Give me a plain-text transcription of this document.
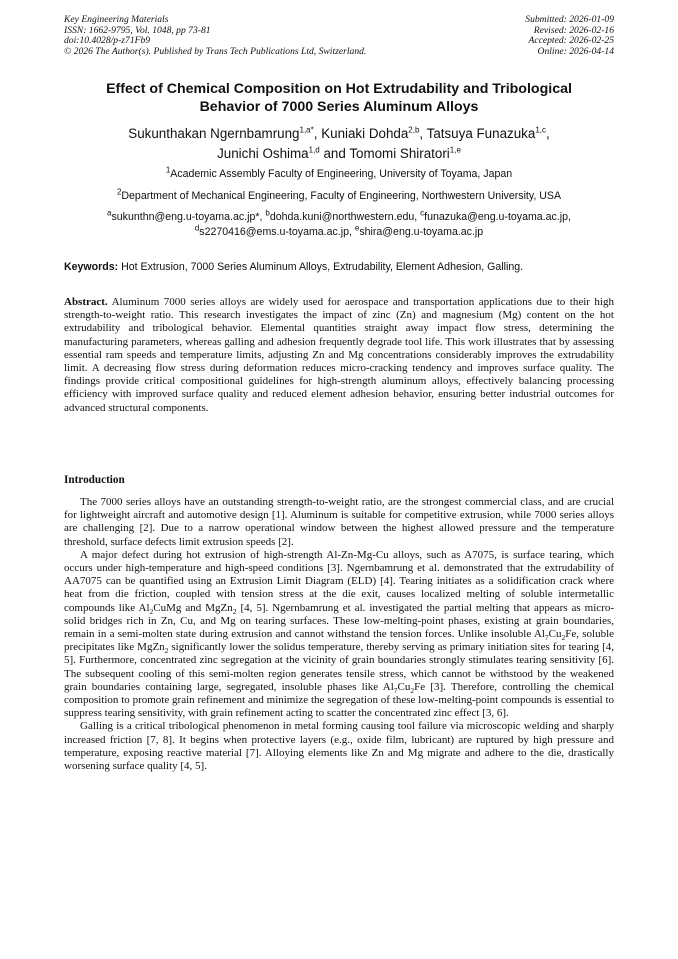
Key Engineering Materials
ISSN: 1662-9795, Vol. 1048, pp 73-81
doi:10.4028/p-z71Fb9
© 2026 The Author(s). Published by Trans Tech Publications Ltd, Switzerland.
Submitted: 2026-01-09
Revised: 2026-02-16
Accepted: 2026-02-25
Online: 2026-04-14
Effect of Chemical Composition on Hot Extrudability and Tribological
Behavior of 7000 Series Aluminum Alloys
Sukunthakan Ngernbamrung$^{1,a*}$, Kuniaki Dohda$^{2,b}$, Tatsuya Funazuka$^{1,c}$,
Junichi Oshima$^{1,d}$ and Tomomi Shiratori$^{1,e}$
$^1$Academic Assembly Faculty of Engineering, University of Toyama, Japan
$^2$Department of Mechanical Engineering, Faculty of Engineering, Northwestern University, USA
$^a$sukunthn@eng.u-toyama.ac.jp*, $^b$dohda.kuni@northwestern.edu, $^c$funazuka@eng.u-toyama.ac.jp,
$^d$s2270416@ems.u-toyama.ac.jp, $^e$shira@eng.u-toyama.ac.jp
Keywords: Hot Extrusion, 7000 Series Aluminum Alloys, Extrudability, Element Adhesion, Galling.
Abstract. Aluminum 7000 series alloys are widely used for aerospace and transportation applications due to their high strength-to-weight ratio. This research investigates the impact of zinc (Zn) and magnesium (Mg) content on the hot extrudability and tribological behavior. Elemental quantities straight away impact flow stress, determining the manufacturing parameters, whereas galling and adhesion frequently degrade tool life. This work illustrates that by assessing essential ram speeds and temperature limits, adjusting Zn and Mg concentrations considerably improves the extrudability limit. A decreasing flow stress during deformation reduces micro-cracking tendency and improves surface quality. The findings provide critical compositional guidelines for high-strength aluminum alloys, effectively balancing processing efficiency with improved surface quality and reduced element adhesion behavior, ensuring better industrial outcomes for advanced structural components.
Introduction

The 7000 series alloys have an outstanding strength-to-weight ratio, are the strongest commercial class, and are crucial for lightweight aircraft and automotive design [1]. Aluminum is suitable for competitive extrusion, while 7000 series alloys are challenging [2]. Due to a narrow operational window between the highest allowed pressure and the temperature threshold, surface defects limit extrusion speeds [2].

A major defect during hot extrusion of high-strength Al-Zn-Mg-Cu alloys, such as A7075, is surface tearing, which occurs under high-temperature and high-speed conditions [3]. Ngernbamrung et al. demonstrated that the extrudability of AA7075 can be quantified using an Extrusion Limit Diagram (ELD) [4]. Tearing initiates as a solidification crack where heat from die friction, coupled with tension stress at the die exit, causes localized melting of soluble intermetallic compounds like $Al_2CuMg$ and MgZn$_2$ [4, 5]. Ngernbamrung et al. investigated the partial melting that appears as micro-solid bridges rich in Zn, Cu, and Mg on tearing surfaces. These low-melting-point phases, existing at grain boundaries, remain in a semi-molten state during extrusion and cannot withstand the tension forces. Unlike insoluble $Al_7Cu_2Fe$, soluble precipitates like MgZn$_2$ significantly lower the solidus temperature, thereby serving as primary initiation sites for tearing [4, 5]. Furthermore, concentrated zinc segregation at the vicinity of grain boundaries strongly stimulates tearing sensitivity [6]. The subsequent cooling of this semi-molten region generates tensile stress, which cannot be withstood by the weakened grain boundaries containing large, segregated, insoluble phases like $Al_7Cu_2Fe$ [3]. Therefore, controlling the chemical composition to promote grain refinement and minimize the segregation of these low-melting-point compounds is essential to suppress tearing sensitivity, with grain refinement acting to scatter the concentrated zinc effect [3, 6].

Galling is a critical tribological phenomenon in metal forming causing tool failure via microscopic welding and sharply increased friction [7, 8]. It begins when protective layers (e.g., oxide film, lubricant) are ruptured by high pressure and temperature, exposing reactive material [7]. Alloying elements like Zn and Mg migrate and adhere to the die, drastically worsening surface quality [4, 5].
